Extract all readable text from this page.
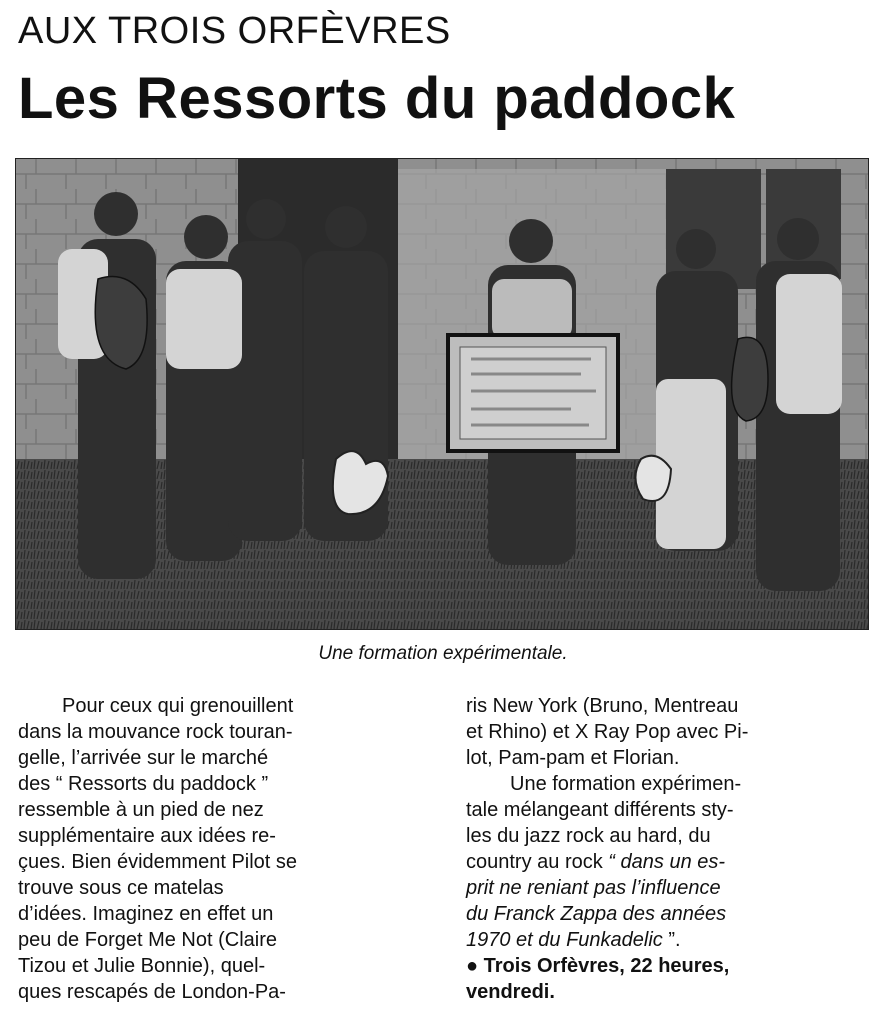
AUX TROIS ORFÈVRES
Les Ressorts du paddock
Une formation expérimentale.
Pour ceux qui grenouillent
dans la mouvance rock touran-
gelle, l’arrivée sur le marché
des “ Ressorts du paddock ”
ressemble à un pied de nez
supplémentaire aux idées re-
çues. Bien évidemment Pilot se
trouve sous ce matelas
d’idées. Imaginez en effet un
peu de Forget Me Not (Claire
Tizou et Julie Bonnie), quel-
ques rescapés de London-Pa-
ris New York (Bruno, Mentreau
et Rhino) et X Ray Pop avec Pi-
lot, Pam-pam et Florian.
Une formation expérimen-
tale mélangeant différents sty-
les du jazz rock au hard, du
country au rock “ dans un es-
prit ne reniant pas l’influence
du Franck Zappa des années
1970 et du Funkadelic ”.
● Trois Orfèvres, 22 heures,
vendredi.
